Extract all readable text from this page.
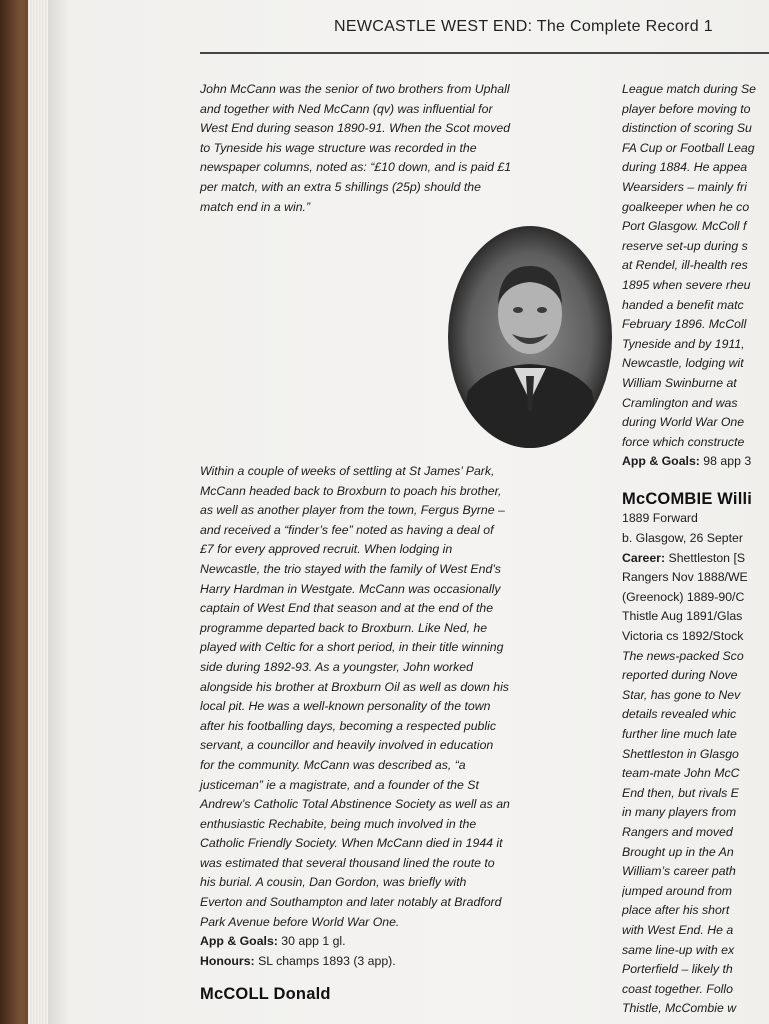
NEWCASTLE WEST END: The Complete Record 1
John McCann was the senior of two brothers from Uphall
and together with Ned McCann (qv) was influential for
West End during season 1890-91. When the Scot moved
to Tyneside his wage structure was recorded in the
newspaper columns, noted as: “£10 down, and is paid £1
per match, with an extra 5 shillings (25p) should the
match end in a win.”
Within a couple of weeks of settling at St James’ Park,
McCann headed back to Broxburn to poach his brother,
as well as another player from the town, Fergus Byrne –
and received a “finder’s fee” noted as having a deal of
£7 for every approved recruit. When lodging in
Newcastle, the trio stayed with the family of West End’s
Harry Hardman in Westgate. McCann was occasionally
captain of West End that season and at the end of the
programme departed back to Broxburn. Like Ned, he
played with Celtic for a short period, in their title winning
side during 1892-93. As a youngster, John worked
alongside his brother at Broxburn Oil as well as down his
local pit. He was a well-known personality of the town
after his footballing days, becoming a respected public
servant, a councillor and heavily involved in education
for the community. McCann was described as, “a
justiceman” ie a magistrate, and a founder of the St
Andrew’s Catholic Total Abstinence Society as well as an
enthusiastic Rechabite, being much involved in the
Catholic Friendly Society. When McCann died in 1944 it
was estimated that several thousand lined the route to
his burial. A cousin, Dan Gordon, was briefly with
Everton and Southampton and later notably at Bradford
Park Avenue before World War One.

App & Goals: 30 app 1 gl.

Honours: SL champs 1893 (3 app).

McCOLL Donald

League match during Se
player before moving to
distinction of scoring Su
FA Cup or Football Leag
during 1884. He appea
Wearsiders – mainly fri
goalkeeper when he co
Port Glasgow. McColl f
reserve set-up during s
at Rendel, ill-health res
1895 when severe rheu
handed a benefit matc
February 1896. McColl
Tyneside and by 1911,
Newcastle, lodging wit
William Swinburne at
Cramlington and was
during World War One
force which constructe

App & Goals: 98 app 3

McCOMBIE Willi

1889 Forward

b. Glasgow, 26 Septer

Career: Shettleston [S
Rangers Nov 1888/WE
(Greenock) 1889-90/C
Thistle Aug 1891/Glas
Victoria cs 1892/Stock
The news-packed Sco
reported during Nove
Star, has gone to Nev
details revealed whic
further line much late
Shettleston in Glasgo
team-mate John McC
End then, but rivals E
in many players from
Rangers and moved
Brought up in the An
William’s career path
jumped around from
place after his short
with West End. He a
same line-up with ex
Porterfield – likely th
coast together. Follo
Thistle, McCombie w
